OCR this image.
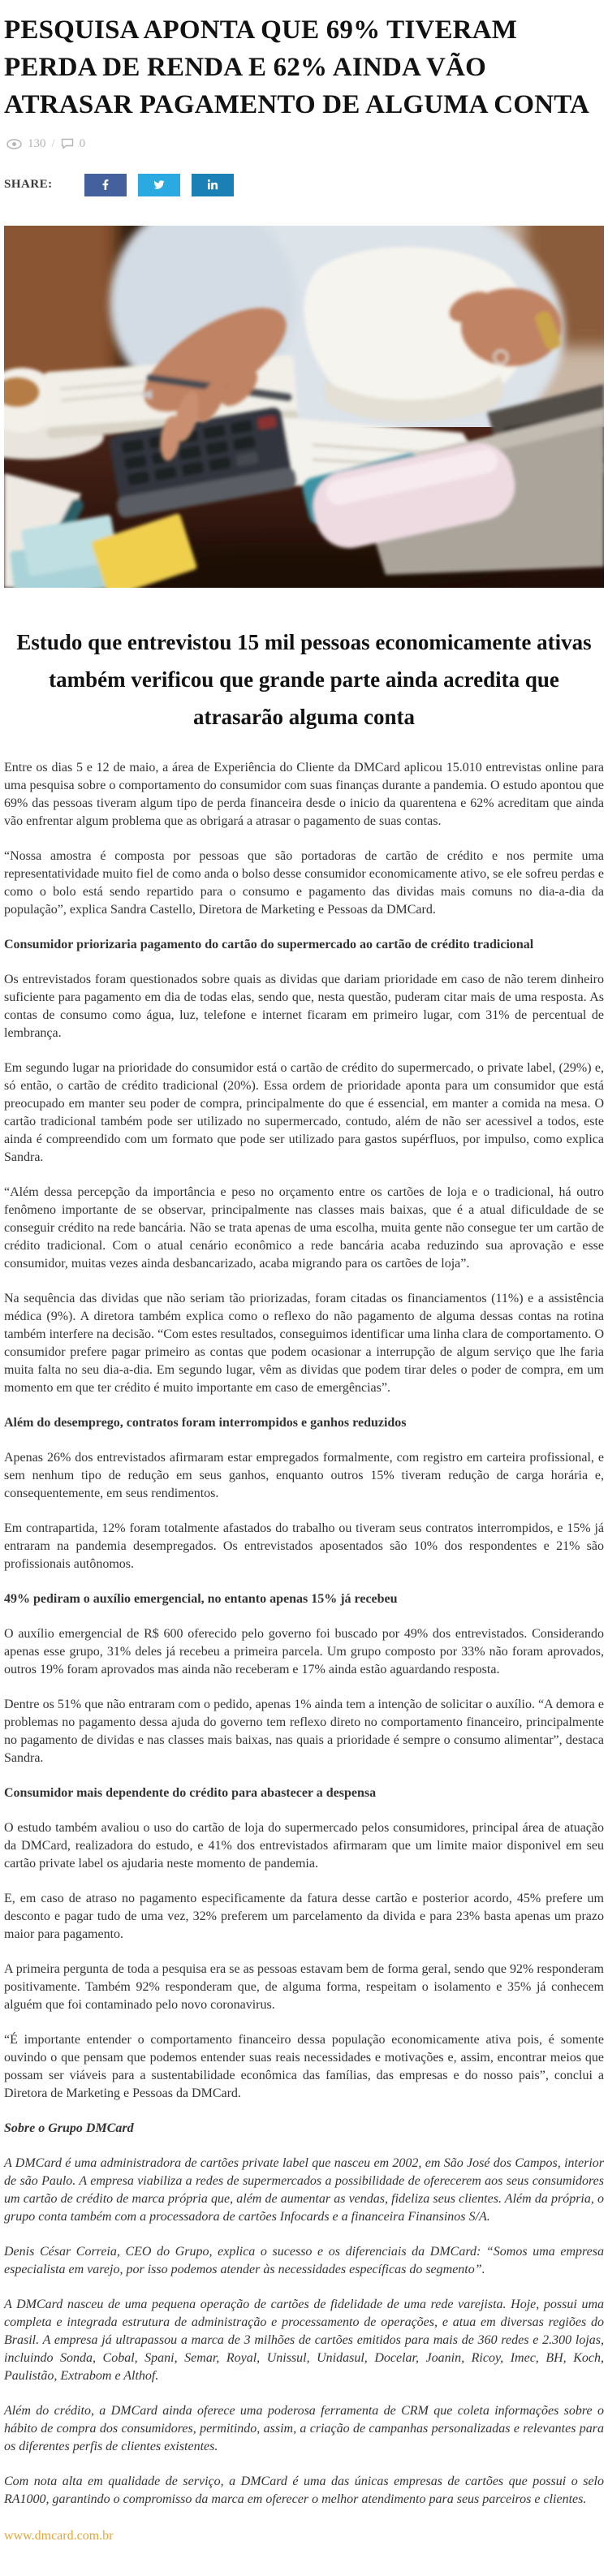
PESQUISA APONTA QUE 69% TIVERAM PERDA DE RENDA E 62% AINDA VÃO ATRASAR PAGAMENTO DE ALGUMA CONTA
130 / 0
SHARE:
Estudo que entrevistou 15 mil pessoas economicamente ativas também verificou que grande parte ainda acredita que atrasarão alguma conta

Entre os dias 5 e 12 de maio, a área de Experiência do Cliente da DMCard aplicou 15.010 entrevistas online para uma pesquisa sobre o comportamento do consumidor com suas finanças durante a pandemia. O estudo apontou que 69% das pessoas tiveram algum tipo de perda financeira desde o inicio da quarentena e 62% acreditam que ainda vão enfrentar algum problema que as obrigará a atrasar o pagamento de suas contas.

“Nossa amostra é composta por pessoas que são portadoras de cartão de crédito e nos permite uma representatividade muito fiel de como anda o bolso desse consumidor economicamente ativo, se ele sofreu perdas e como o bolo está sendo repartido para o consumo e pagamento das dividas mais comuns no dia-a-dia da população”, explica Sandra Castello, Diretora de Marketing e Pessoas da DMCard.

Consumidor priorizaria pagamento do cartão do supermercado ao cartão de crédito tradicional

Os entrevistados foram questionados sobre quais as dividas que dariam prioridade em caso de não terem dinheiro suficiente para pagamento em dia de todas elas, sendo que, nesta questão, puderam citar mais de uma resposta. As contas de consumo como água, luz, telefone e internet ficaram em primeiro lugar, com 31% de percentual de lembrança.

Em segundo lugar na prioridade do consumidor está o cartão de crédito do supermercado, o private label, (29%) e, só então, o cartão de crédito tradicional (20%). Essa ordem de prioridade aponta para um consumidor que está preocupado em manter seu poder de compra, principalmente do que é essencial, em manter a comida na mesa. O cartão tradicional também pode ser utilizado no supermercado, contudo, além de não ser acessivel a todos, este ainda é compreendido com um formato que pode ser utilizado para gastos supérfluos, por impulso, como explica Sandra.

“Além dessa percepção da importância e peso no orçamento entre os cartões de loja e o tradicional, há outro fenômeno importante de se observar, principalmente nas classes mais baixas, que é a atual dificuldade de se conseguir crédito na rede bancária. Não se trata apenas de uma escolha, muita gente não consegue ter um cartão de crédito tradicional. Com o atual cenário econômico a rede bancária acaba reduzindo sua aprovação e esse consumidor, muitas vezes ainda desbancarizado, acaba migrando para os cartões de loja”.

Na sequência das dividas que não seriam tão priorizadas, foram citadas os financiamentos (11%) e a assistência médica (9%). A diretora também explica como o reflexo do não pagamento de alguma dessas contas na rotina também interfere na decisão. “Com estes resultados, conseguimos identificar uma linha clara de comportamento. O consumidor prefere pagar primeiro as contas que podem ocasionar a interrupção de algum serviço que lhe faria muita falta no seu dia-a-dia. Em segundo lugar, vêm as dividas que podem tirar deles o poder de compra, em um momento em que ter crédito é muito importante em caso de emergências”.

Além do desemprego, contratos foram interrompidos e ganhos reduzidos

Apenas 26% dos entrevistados afirmaram estar empregados formalmente, com registro em carteira profissional, e sem nenhum tipo de redução em seus ganhos, enquanto outros 15% tiveram redução de carga horária e, consequentemente, em seus rendimentos.

Em contrapartida, 12% foram totalmente afastados do trabalho ou tiveram seus contratos interrompidos, e 15% já entraram na pandemia desempregados. Os entrevistados aposentados são 10% dos respondentes e 21% são profissionais autônomos.

49% pediram o auxílio emergencial, no entanto apenas 15% já recebeu

O auxílio emergencial de R$ 600 oferecido pelo governo foi buscado por 49% dos entrevistados. Considerando apenas esse grupo, 31% deles já recebeu a primeira parcela. Um grupo composto por 33% não foram aprovados, outros 19% foram aprovados mas ainda não receberam e 17% ainda estão aguardando resposta.

Dentre os 51% que não entraram com o pedido, apenas 1% ainda tem a intenção de solicitar o auxílio. “A demora e problemas no pagamento dessa ajuda do governo tem reflexo direto no comportamento financeiro, principalmente no pagamento de dividas e nas classes mais baixas, nas quais a prioridade é sempre o consumo alimentar”, destaca Sandra.

Consumidor mais dependente do crédito para abastecer a despensa

O estudo também avaliou o uso do cartão de loja do supermercado pelos consumidores, principal área de atuação da DMCard, realizadora do estudo, e 41% dos entrevistados afirmaram que um limite maior disponivel em seu cartão private label os ajudaria neste momento de pandemia.

E, em caso de atraso no pagamento especificamente da fatura desse cartão e posterior acordo, 45% prefere um desconto e pagar tudo de uma vez, 32% preferem um parcelamento da divida e para 23% basta apenas um prazo maior para pagamento.

A primeira pergunta de toda a pesquisa era se as pessoas estavam bem de forma geral, sendo que 92% responderam positivamente. Também 92% responderam que, de alguma forma, respeitam o isolamento e 35% já conhecem alguém que foi contaminado pelo novo coronavirus.

“É importante entender o comportamento financeiro dessa população economicamente ativa pois, é somente ouvindo o que pensam que podemos entender suas reais necessidades e motivações e, assim, encontrar meios que possam ser viáveis para a sustentabilidade econômica das famílias, das empresas e do nosso pais”, conclui a Diretora de Marketing e Pessoas da DMCard.

Sobre o Grupo DMCard

A DMCard é uma administradora de cartões private label que nasceu em 2002, em São José dos Campos, interior de são Paulo. A empresa viabiliza a redes de supermercados a possibilidade de oferecerem aos seus consumidores um cartão de crédito de marca própria que, além de aumentar as vendas, fideliza seus clientes. Além da própria, o grupo conta também com a processadora de cartões Infocards e a financeira Finansinos S/A.

Denis César Correia, CEO do Grupo, explica o sucesso e os diferenciais da DMCard: “Somos uma empresa especialista em varejo, por isso podemos atender às necessidades específicas do segmento”.

A DMCard nasceu de uma pequena operação de cartões de fidelidade de uma rede varejista. Hoje, possui uma completa e integrada estrutura de administração e processamento de operações, e atua em diversas regiões do Brasil. A empresa já ultrapassou a marca de 3 milhões de cartões emitidos para mais de 360 redes e 2.300 lojas, incluindo Sonda, Cobal, Spani, Semar, Royal, Unissul, Unidasul, Docelar, Joanin, Ricoy, Imec, BH, Koch, Paulistão, Extrabom e Althof.

Além do crédito, a DMCard ainda oferece uma poderosa ferramenta de CRM que coleta informações sobre o hábito de compra dos consumidores, permitindo, assim, a criação de campanhas personalizadas e relevantes para os diferentes perfis de clientes existentes.

Com nota alta em qualidade de serviço, a DMCard é uma das únicas empresas de cartões que possui o selo RA1000, garantindo o compromisso da marca em oferecer o melhor atendimento para seus parceiros e clientes.

www.dmcard.com.br
